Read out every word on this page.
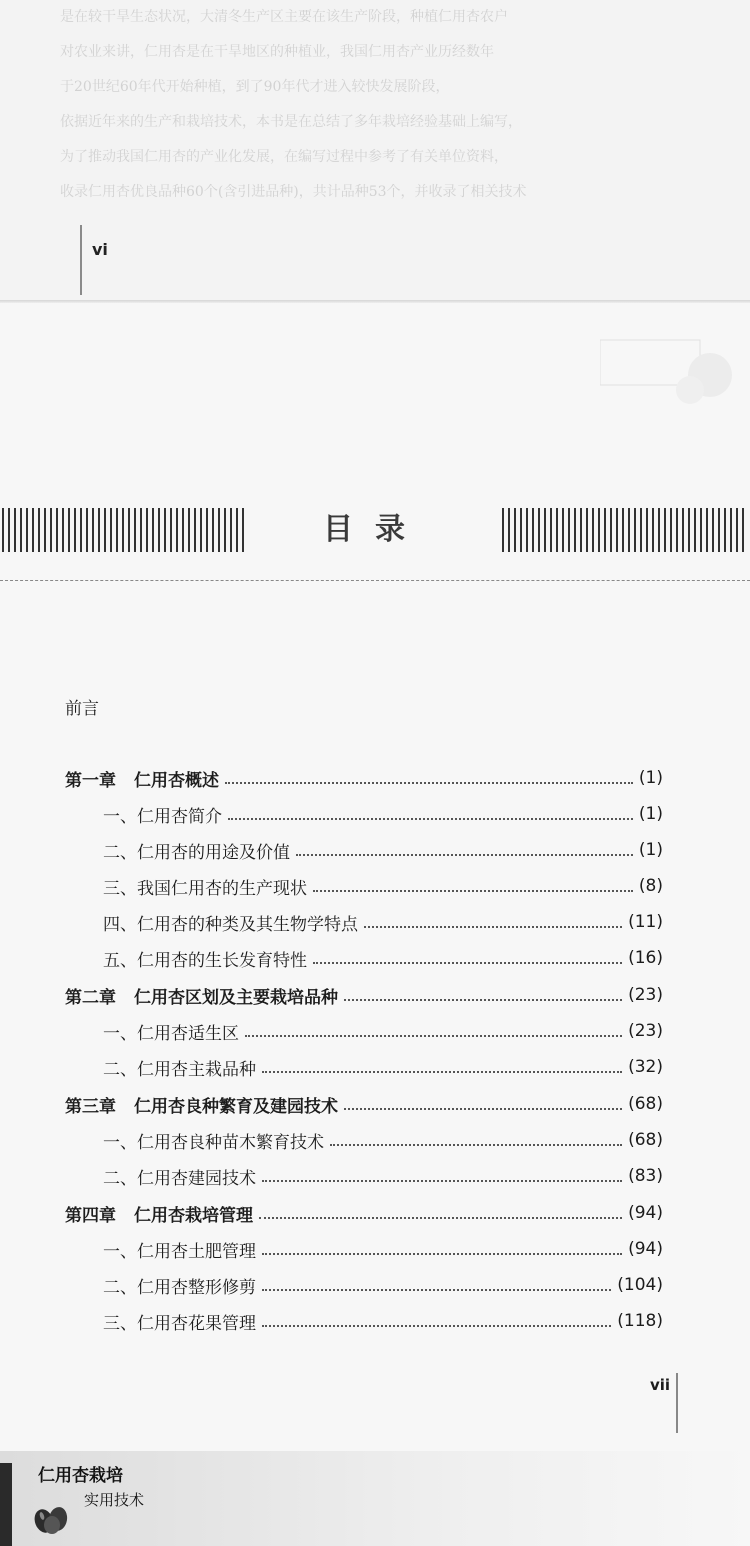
是在较干旱生态状况，大清冬生产区主要在该生产阶段，种植仁用杏农户
对农业来讲，仁用杏是在干旱地区的种植业，我国仁用杏产业历经数年
于20世纪60年代开始种植，到了90年代才进入较快发展阶段，
依据近年来的生产和栽培技术，本书是在总结了多年栽培经验基础上编写，
为了推动我国仁用杏的产业化发展，在编写过程中参考了有关单位资料，
收录仁用杏优良品种60个(含引进品种)，共计品种53个，并收录了相关技术
vi
目录
前言
第一章 仁用杏概述	(1)
一、仁用杏简介	(1)
二、仁用杏的用途及价值	(1)
三、我国仁用杏的生产现状	(8)
四、仁用杏的种类及其生物学特点	(11)
五、仁用杏的生长发育特性	(16)
第二章 仁用杏区划及主要栽培品种	(23)
一、仁用杏适生区	(23)
二、仁用杏主栽品种	(32)
第三章 仁用杏良种繁育及建园技术	(68)
一、仁用杏良种苗木繁育技术	(68)
二、仁用杏建园技术	(83)
第四章 仁用杏栽培管理	(94)
一、仁用杏土肥管理	(94)
二、仁用杏整形修剪	(104)
三、仁用杏花果管理	(118)
vii
仁用杏栽培
实用技术
